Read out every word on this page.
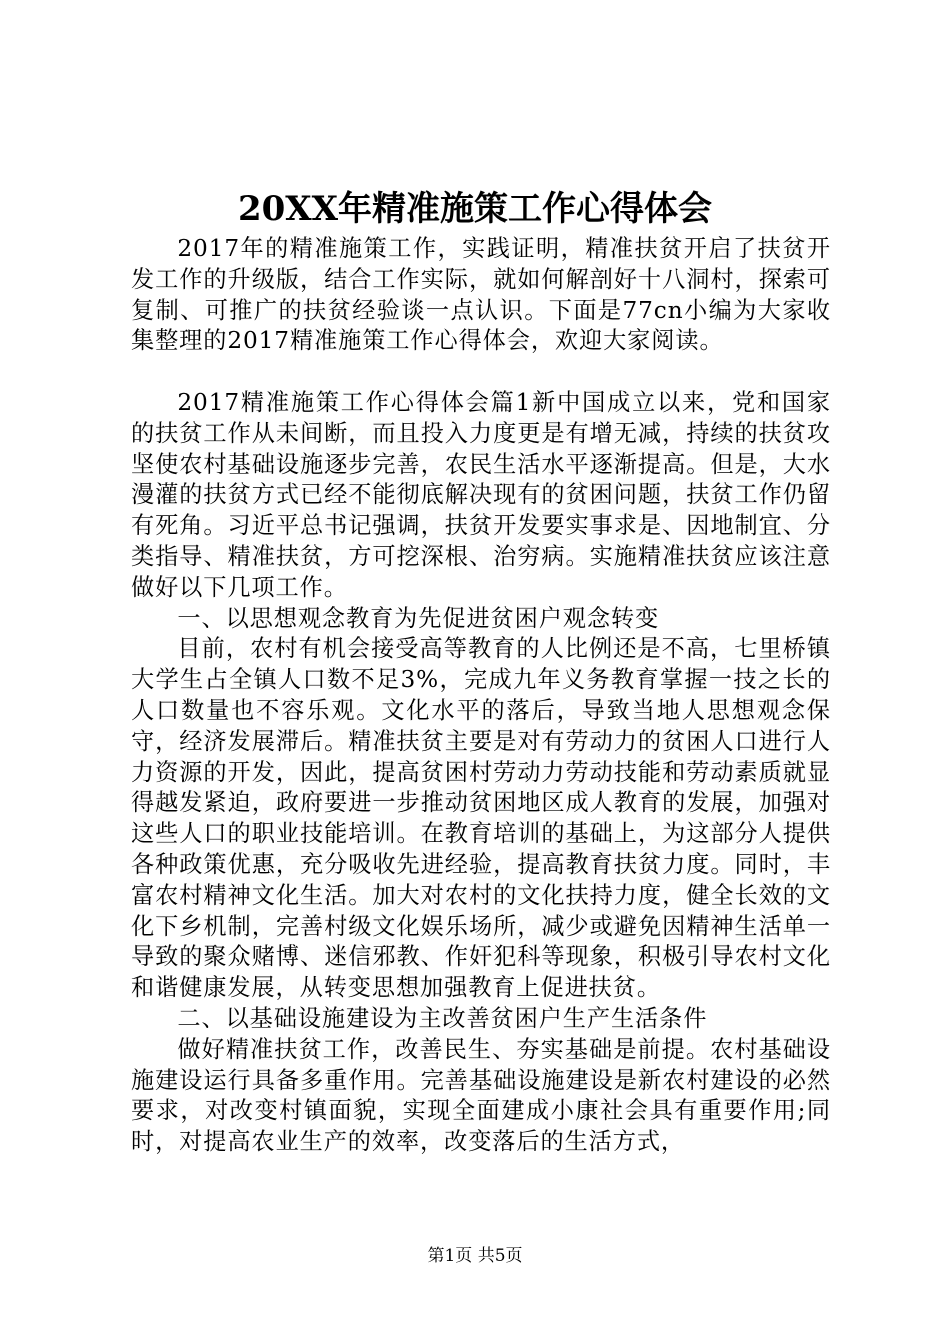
20XX年精准施策工作心得体会

2017年的精准施策工作，实践证明，精准扶贫开启了扶贫开发工作的升级版，结合工作实际，就如何解剖好十八洞村，探索可复制、可推广的扶贫经验谈一点认识。下面是77cn小编为大家收集整理的2017精准施策工作心得体会，欢迎大家阅读。

2017精准施策工作心得体会篇1新中国成立以来，党和国家的扶贫工作从未间断，而且投入力度更是有增无减，持续的扶贫攻坚使农村基础设施逐步完善，农民生活水平逐渐提高。但是，大水漫灌的扶贫方式已经不能彻底解决现有的贫困问题，扶贫工作仍留有死角。习近平总书记强调，扶贫开发要实事求是、因地制宜、分类指导、精准扶贫，方可挖深根、治穷病。实施精准扶贫应该注意做好以下几项工作。

一、以思想观念教育为先促进贫困户观念转变

目前，农村有机会接受高等教育的人比例还是不高，七里桥镇大学生占全镇人口数不足3%，完成九年义务教育掌握一技之长的人口数量也不容乐观。文化水平的落后，导致当地人思想观念保守，经济发展滞后。精准扶贫主要是对有劳动力的贫困人口进行人力资源的开发，因此，提高贫困村劳动力劳动技能和劳动素质就显得越发紧迫，政府要进一步推动贫困地区成人教育的发展，加强对这些人口的职业技能培训。在教育培训的基础上，为这部分人提供各种政策优惠，充分吸收先进经验，提高教育扶贫力度。同时，丰富农村精神文化生活。加大对农村的文化扶持力度，健全长效的文化下乡机制，完善村级文化娱乐场所，减少或避免因精神生活单一导致的聚众赌博、迷信邪教、作奸犯科等现象，积极引导农村文化和谐健康发展，从转变思想加强教育上促进扶贫。

二、以基础设施建设为主改善贫困户生产生活条件

做好精准扶贫工作，改善民生、夯实基础是前提。农村基础设施建设运行具备多重作用。完善基础设施建设是新农村建设的必然要求，对改变村镇面貌，实现全面建成小康社会具有重要作用;同时，对提高农业生产的效率，改变落后的生活方式，

第1页 共5页
